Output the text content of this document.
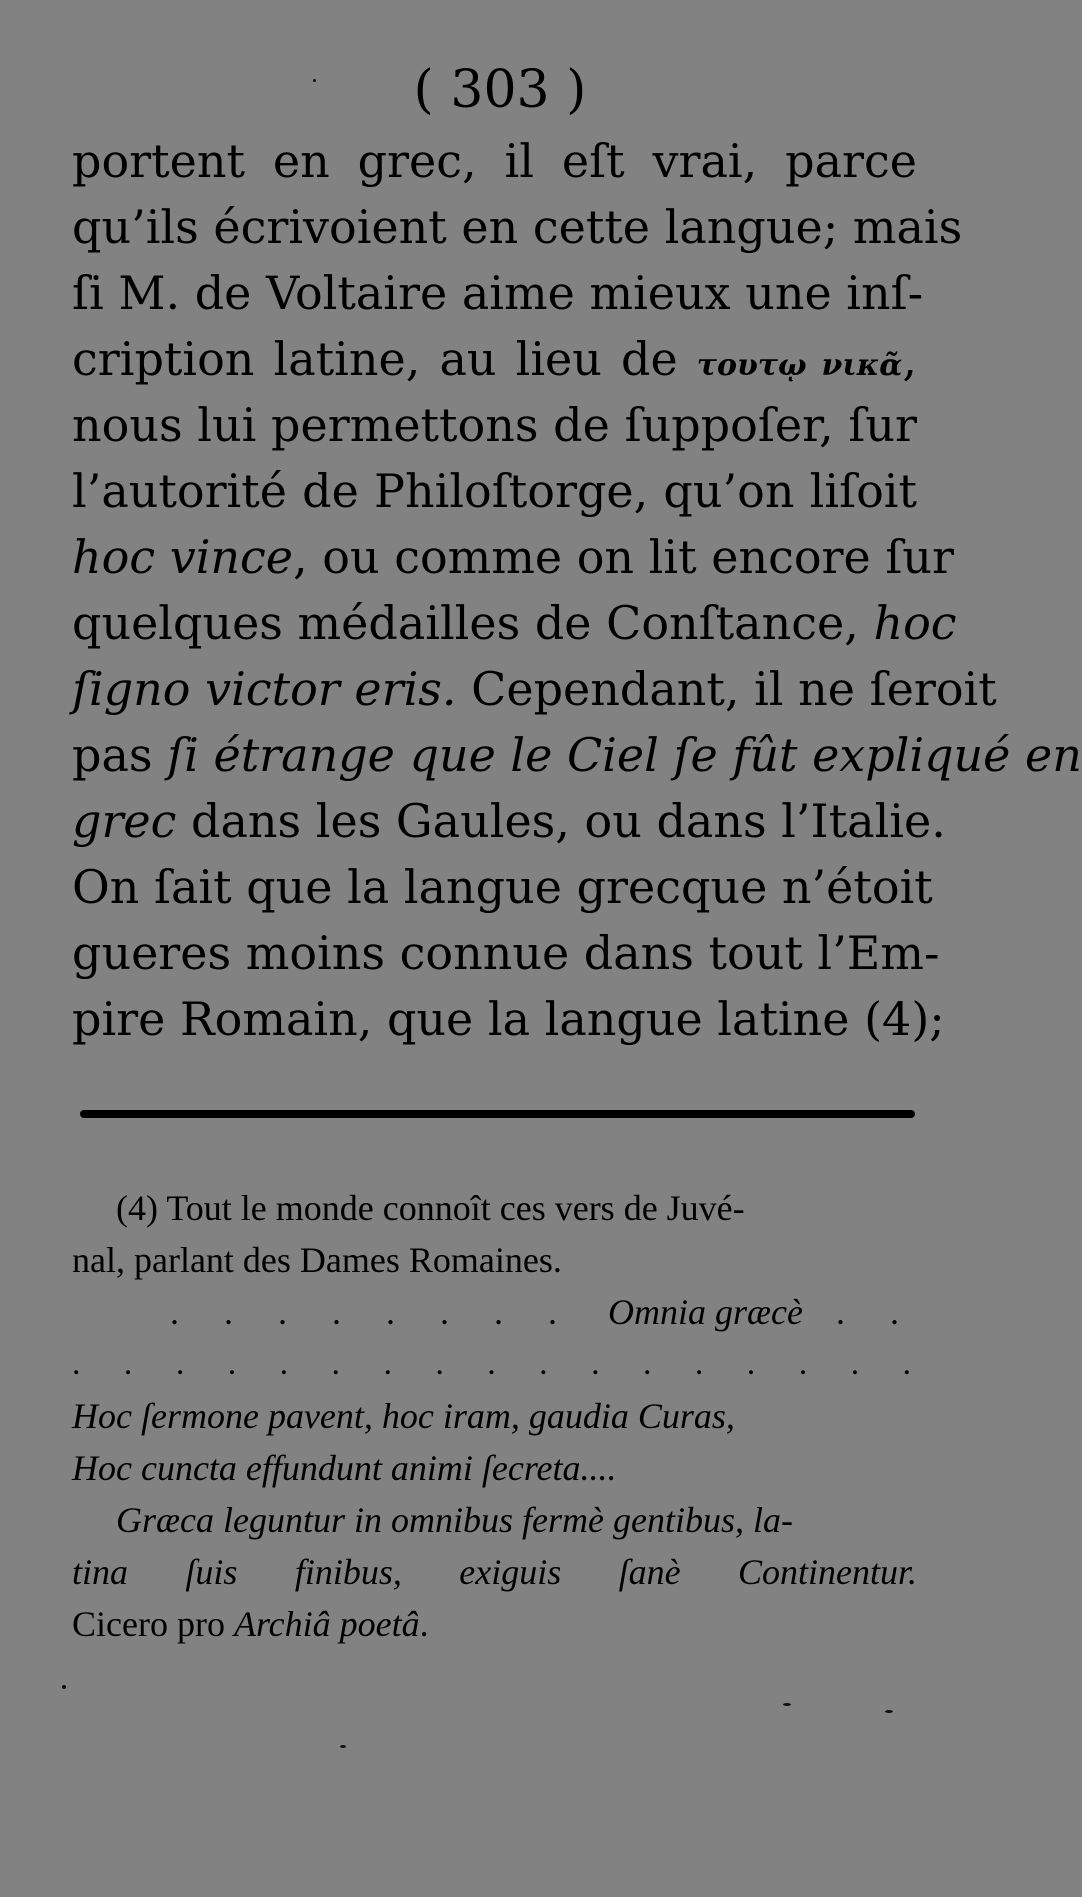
( 303 )
portent en grec, il eſt vrai, parce
qu’ils écrivoient en cette langue; mais
ſi M. de Voltaire aime mieux une inſ-
cription latine, au lieu de τουτῳ νικᾶ,
nous lui permettons de ſuppoſer, ſur
l’autorité de Philoſtorge, qu’on liſoit
hoc vince, ou comme on lit encore ſur
quelques médailles de Conſtance, hoc
ſigno victor eris. Cependant, il ne ſeroit
pas ſi étrange que le Ciel ſe fût expliqué en
grec dans les Gaules, ou dans l’Italie.
On ſait que la langue grecque n’étoit
gueres moins connue dans tout l’Em-
pire Romain, que la langue latine (4);
(4) Tout le monde connoît ces vers de Juvé-
nal, parlant des Dames Romaines.
. . . . . . . . Omnia græcè . .
. . . . . . . . . . . . . . . . .
Hoc ſermone pavent, hoc iram, gaudia Curas,
Hoc cuncta effundunt animi ſecreta....
Græca leguntur in omnibus fermè gentibus, la-
tina ſuis finibus, exiguis ſanè Continentur.
Cicero pro Archiâ poetâ.
